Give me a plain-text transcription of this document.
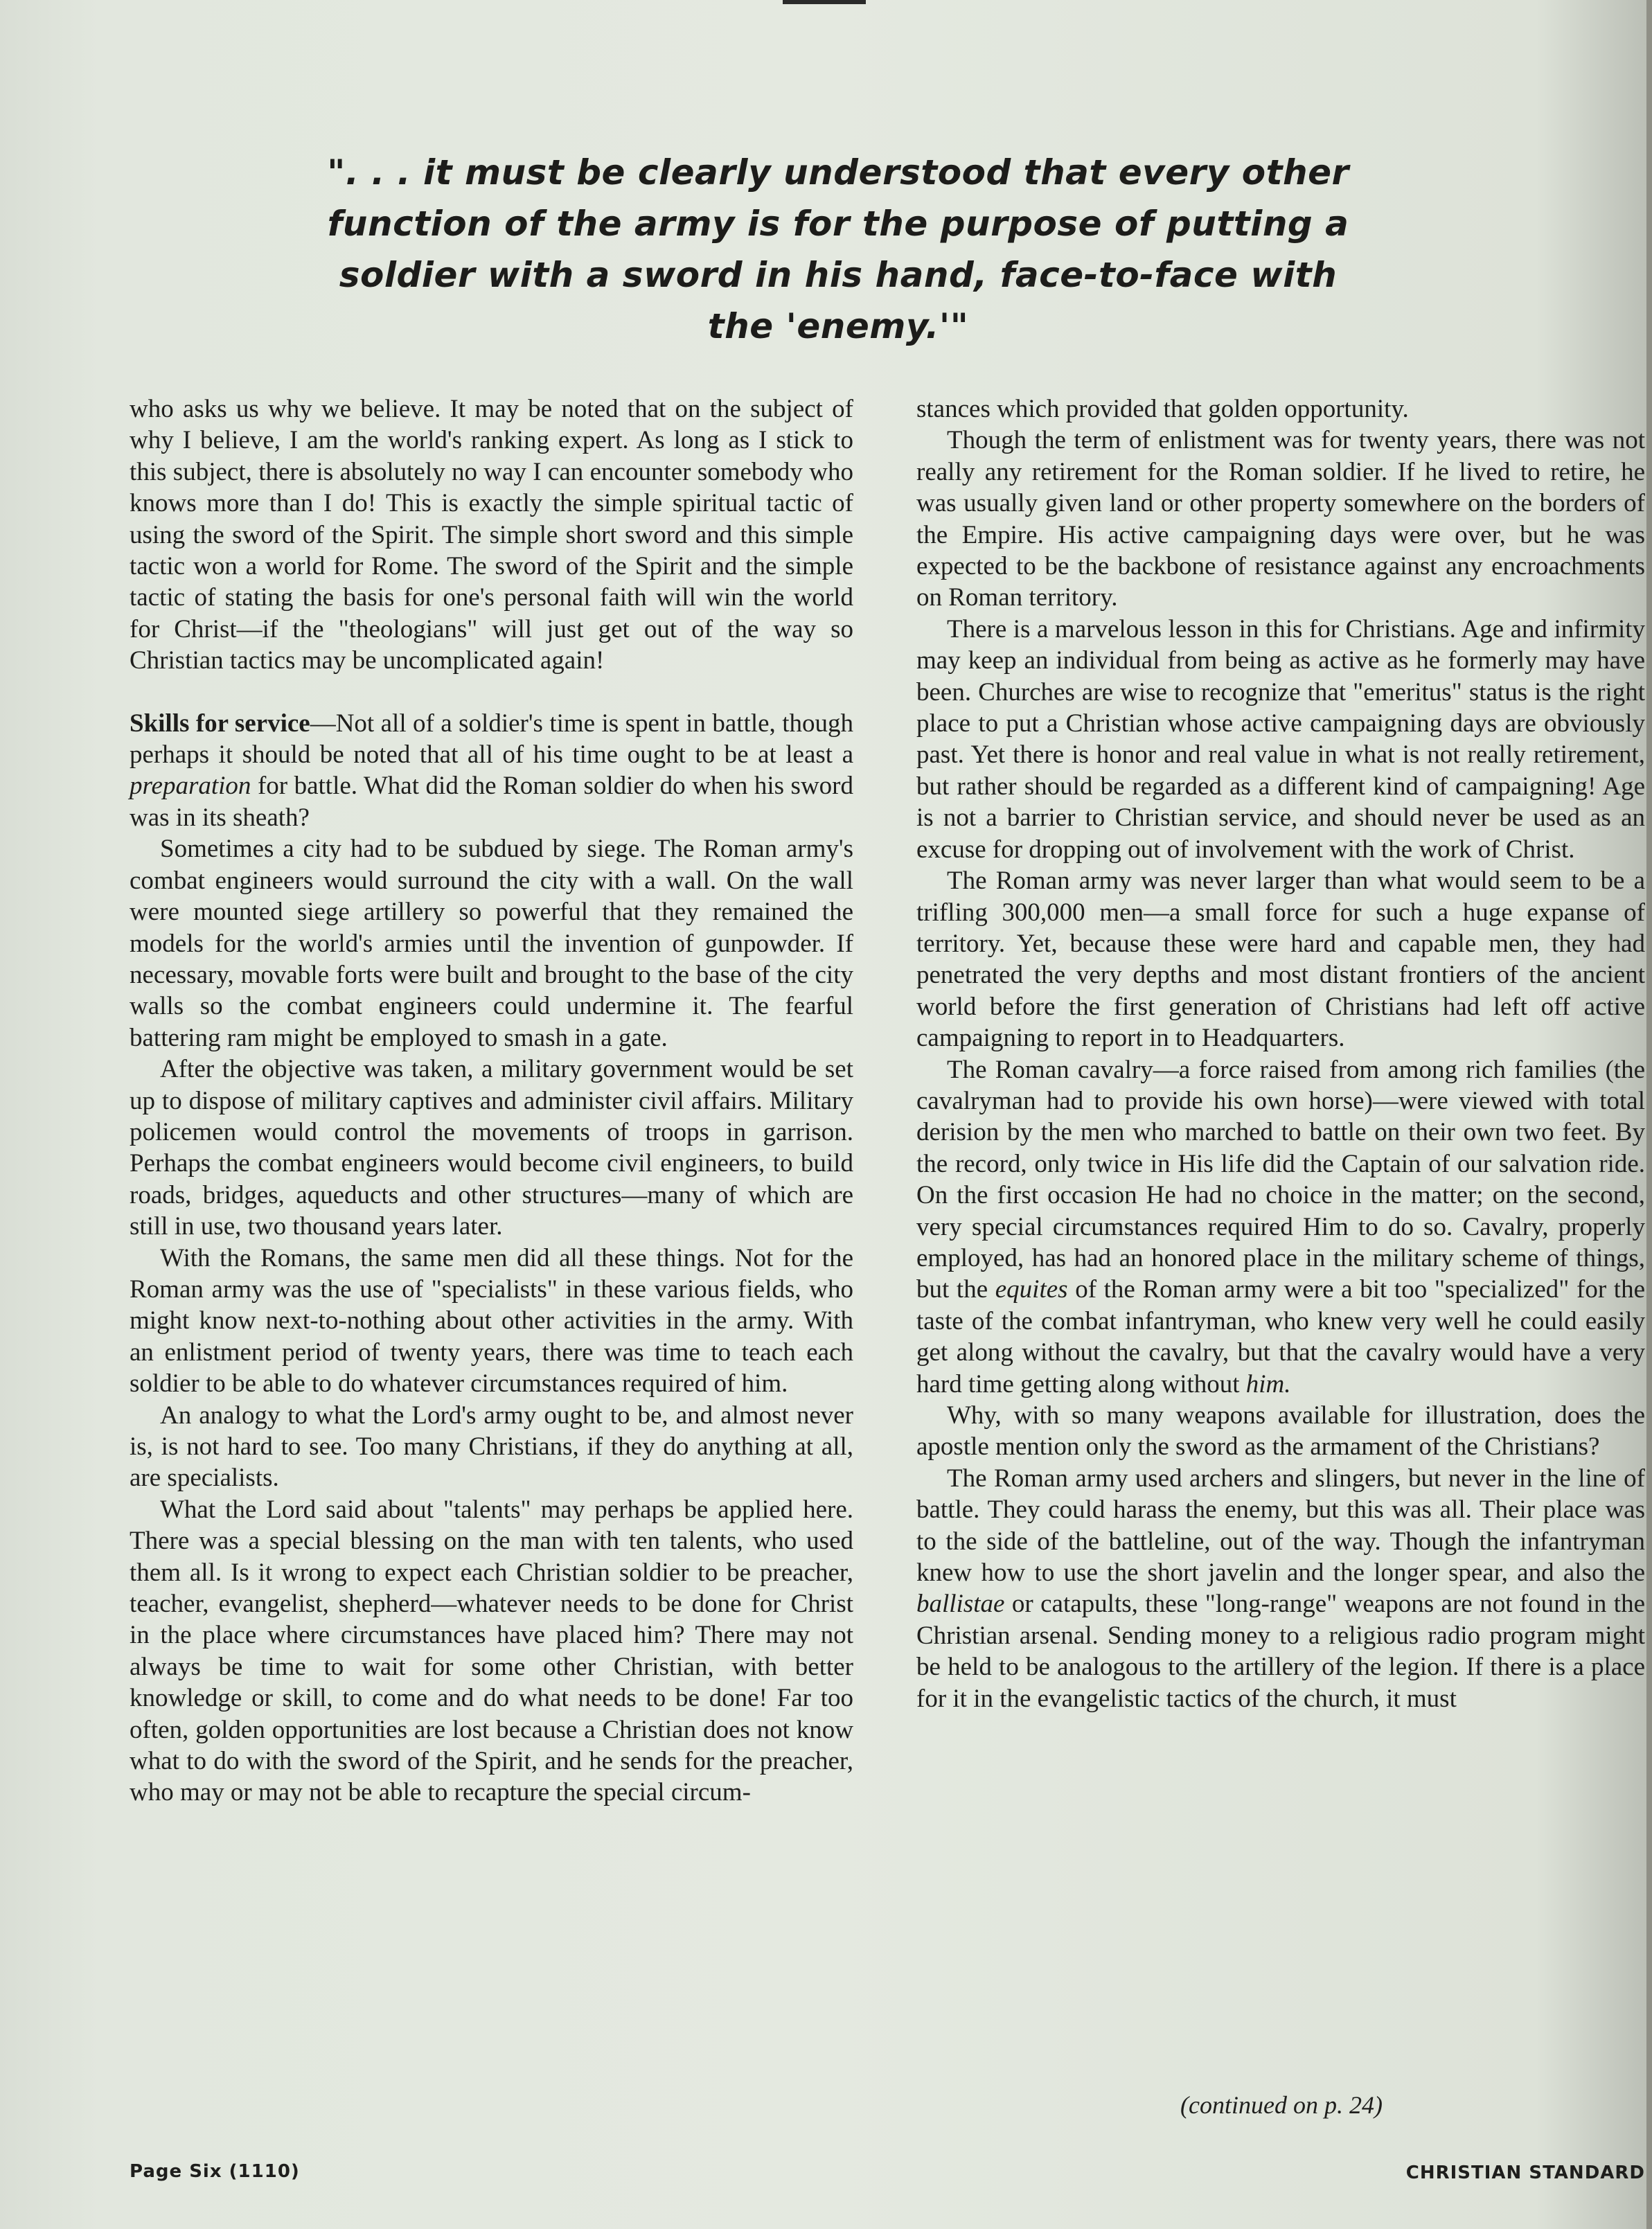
". . . it must be clearly understood that every other function of the army is for the purpose of putting a soldier with a sword in his hand, face-to-face with the 'enemy.'"

who asks us why we believe. It may be noted that on the subject of why I believe, I am the world's ranking expert. As long as I stick to this subject, there is absolutely no way I can encounter somebody who knows more than I do! This is exactly the simple spiritual tactic of using the sword of the Spirit. The simple short sword and this simple tactic won a world for Rome. The sword of the Spirit and the simple tactic of stating the basis for one's personal faith will win the world for Christ—if the "theologians" will just get out of the way so Christian tactics may be uncomplicated again!

Skills for service—Not all of a soldier's time is spent in battle, though perhaps it should be noted that all of his time ought to be at least a preparation for battle. What did the Roman soldier do when his sword was in its sheath?

Sometimes a city had to be subdued by siege. The Roman army's combat engineers would surround the city with a wall. On the wall were mounted siege artillery so powerful that they remained the models for the world's armies until the invention of gunpowder. If necessary, movable forts were built and brought to the base of the city walls so the combat engineers could undermine it. The fearful battering ram might be employed to smash in a gate.

After the objective was taken, a military government would be set up to dispose of military captives and administer civil affairs. Military policemen would control the movements of troops in garrison. Perhaps the combat engineers would become civil engineers, to build roads, bridges, aqueducts and other structures—many of which are still in use, two thousand years later.

With the Romans, the same men did all these things. Not for the Roman army was the use of "specialists" in these various fields, who might know next-to-nothing about other activities in the army. With an enlistment period of twenty years, there was time to teach each soldier to be able to do whatever circumstances required of him.

An analogy to what the Lord's army ought to be, and almost never is, is not hard to see. Too many Christians, if they do anything at all, are specialists.

What the Lord said about "talents" may perhaps be applied here. There was a special blessing on the man with ten talents, who used them all. Is it wrong to expect each Christian soldier to be preacher, teacher, evangelist, shepherd—whatever needs to be done for Christ in the place where circumstances have placed him? There may not always be time to wait for some other Christian, with better knowledge or skill, to come and do what needs to be done! Far too often, golden opportunities are lost because a Christian does not know what to do with the sword of the Spirit, and he sends for the preacher, who may or may not be able to recapture the special circum-

stances which provided that golden opportunity.

Though the term of enlistment was for twenty years, there was not really any retirement for the Roman soldier. If he lived to retire, he was usually given land or other property somewhere on the borders of the Empire. His active campaigning days were over, but he was expected to be the backbone of resistance against any encroachments on Roman territory.

There is a marvelous lesson in this for Christians. Age and infirmity may keep an individual from being as active as he formerly may have been. Churches are wise to recognize that "emeritus" status is the right place to put a Christian whose active campaigning days are obviously past. Yet there is honor and real value in what is not really retirement, but rather should be regarded as a different kind of campaigning! Age is not a barrier to Christian service, and should never be used as an excuse for dropping out of involvement with the work of Christ.

The Roman army was never larger than what would seem to be a trifling 300,000 men—a small force for such a huge expanse of territory. Yet, because these were hard and capable men, they had penetrated the very depths and most distant frontiers of the ancient world before the first generation of Christians had left off active campaigning to report in to Headquarters.

The Roman cavalry—a force raised from among rich families (the cavalryman had to provide his own horse)—were viewed with total derision by the men who marched to battle on their own two feet. By the record, only twice in His life did the Captain of our salvation ride. On the first occasion He had no choice in the matter; on the second, very special circumstances required Him to do so. Cavalry, properly employed, has had an honored place in the military scheme of things, but the equites of the Roman army were a bit too "specialized" for the taste of the combat infantryman, who knew very well he could easily get along without the cavalry, but that the cavalry would have a very hard time getting along without him.

Why, with so many weapons available for illustration, does the apostle mention only the sword as the armament of the Christians?

The Roman army used archers and slingers, but never in the line of battle. They could harass the enemy, but this was all. Their place was to the side of the battleline, out of the way. Though the infantryman knew how to use the short javelin and the longer spear, and also the ballistae or catapults, these "long-range" weapons are not found in the Christian arsenal. Sending money to a religious radio program might be held to be analogous to the artillery of the legion. If there is a place for it in the evangelistic tactics of the church, it must

(continued on p. 24)
Page Six (1110)	CHRISTIAN STANDARD
